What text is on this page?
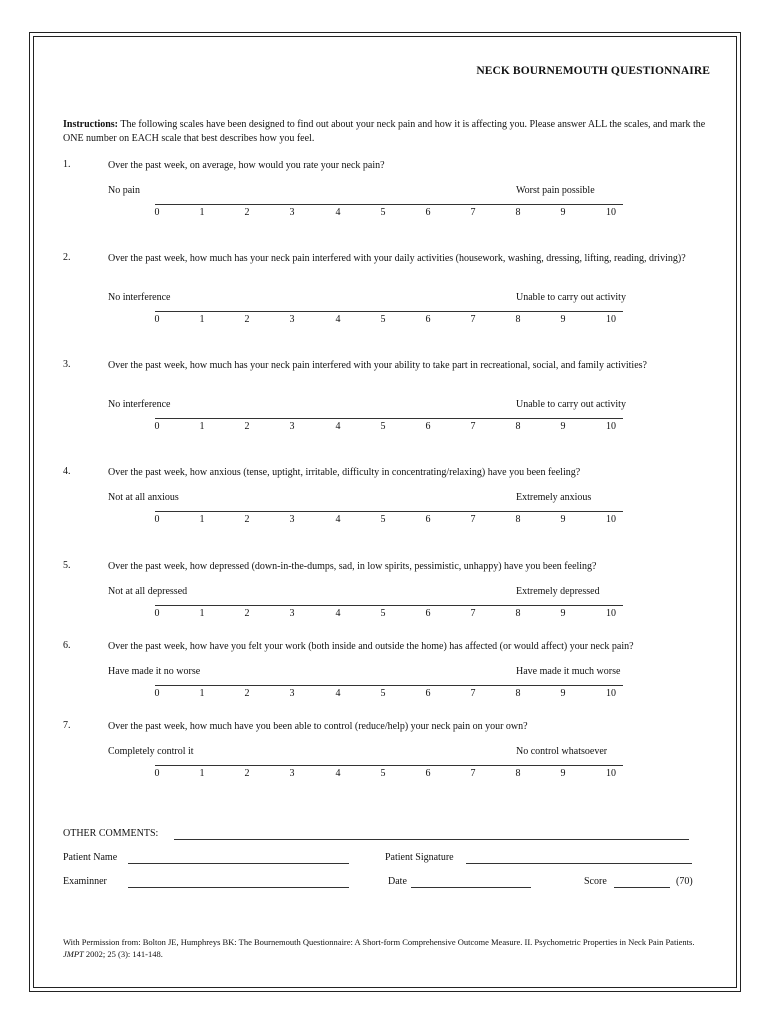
NECK BOURNEMOUTH QUESTIONNAIRE
Instructions: The following scales have been designed to find out about your neck pain and how it is affecting you. Please answer ALL the scales, and mark the ONE number on EACH scale that best describes how you feel.
1.	Over the past week, on average, how would you rate your neck pain?
No pain	Worst pain possible
0	1	2	3	4	5	6	7	8	9	10
2.	Over the past week, how much has your neck pain interfered with your daily activities (housework, washing, dressing, lifting, reading, driving)?
No interference	Unable to carry out activity
0	1	2	3	4	5	6	7	8	9	10
3.	Over the past week, how much has your neck pain interfered with your ability to take part in recreational, social, and family activities?
No interference	Unable to carry out activity
0	1	2	3	4	5	6	7	8	9	10
4.	Over the past week, how anxious (tense, uptight, irritable, difficulty in concentrating/relaxing) have you been feeling?
Not at all anxious	Extremely anxious
0	1	2	3	4	5	6	7	8	9	10
5.	Over the past week, how depressed (down-in-the-dumps, sad, in low spirits, pessimistic, unhappy) have you been feeling?
Not at all depressed	Extremely depressed
0	1	2	3	4	5	6	7	8	9	10
6.	Over the past week, how have you felt your work (both inside and outside the home) has affected (or would affect) your neck pain?
Have made it no worse	Have made it much worse
0	1	2	3	4	5	6	7	8	9	10
7.	Over the past week, how much have you been able to control (reduce/help) your neck pain on your own?
Completely control it	No control whatsoever
0	1	2	3	4	5	6	7	8	9	10
OTHER COMMENTS:
Patient Name	Patient Signature
Examinner	Date	Score	(70)
With Permission from: Bolton JE, Humphreys BK: The Bournemouth Questionnaire: A Short-form Comprehensive Outcome Measure. II. Psychometric Properties in Neck Pain Patients. JMPT 2002; 25 (3): 141-148.
